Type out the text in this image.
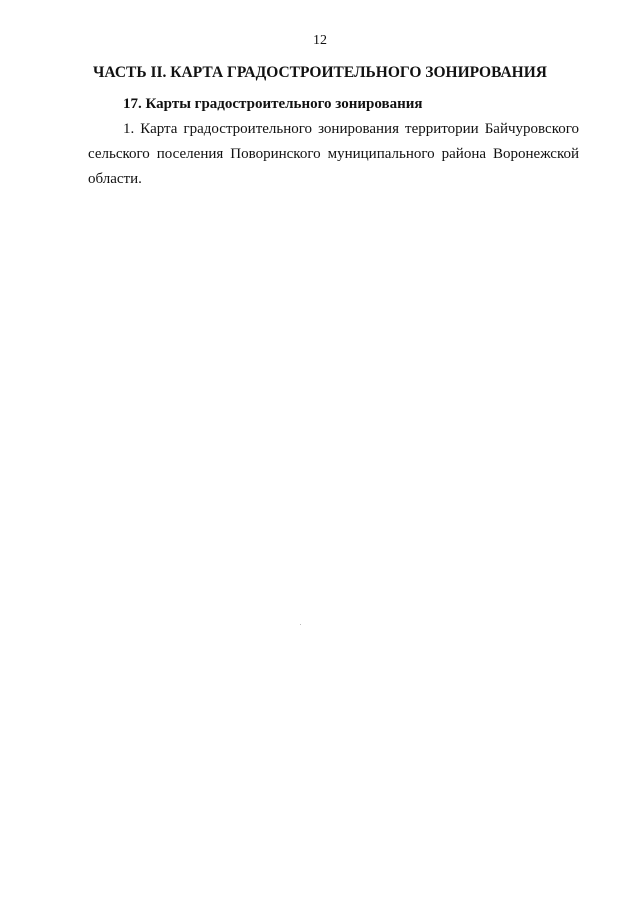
12
ЧАСТЬ II. КАРТА ГРАДОСТРОИТЕЛЬНОГО ЗОНИРОВАНИЯ
17. Карты градостроительного зонирования

1. Карта градостроительного зонирования территории Байчуровского сельского поселения Поворинского муниципального района Воронежской области.
